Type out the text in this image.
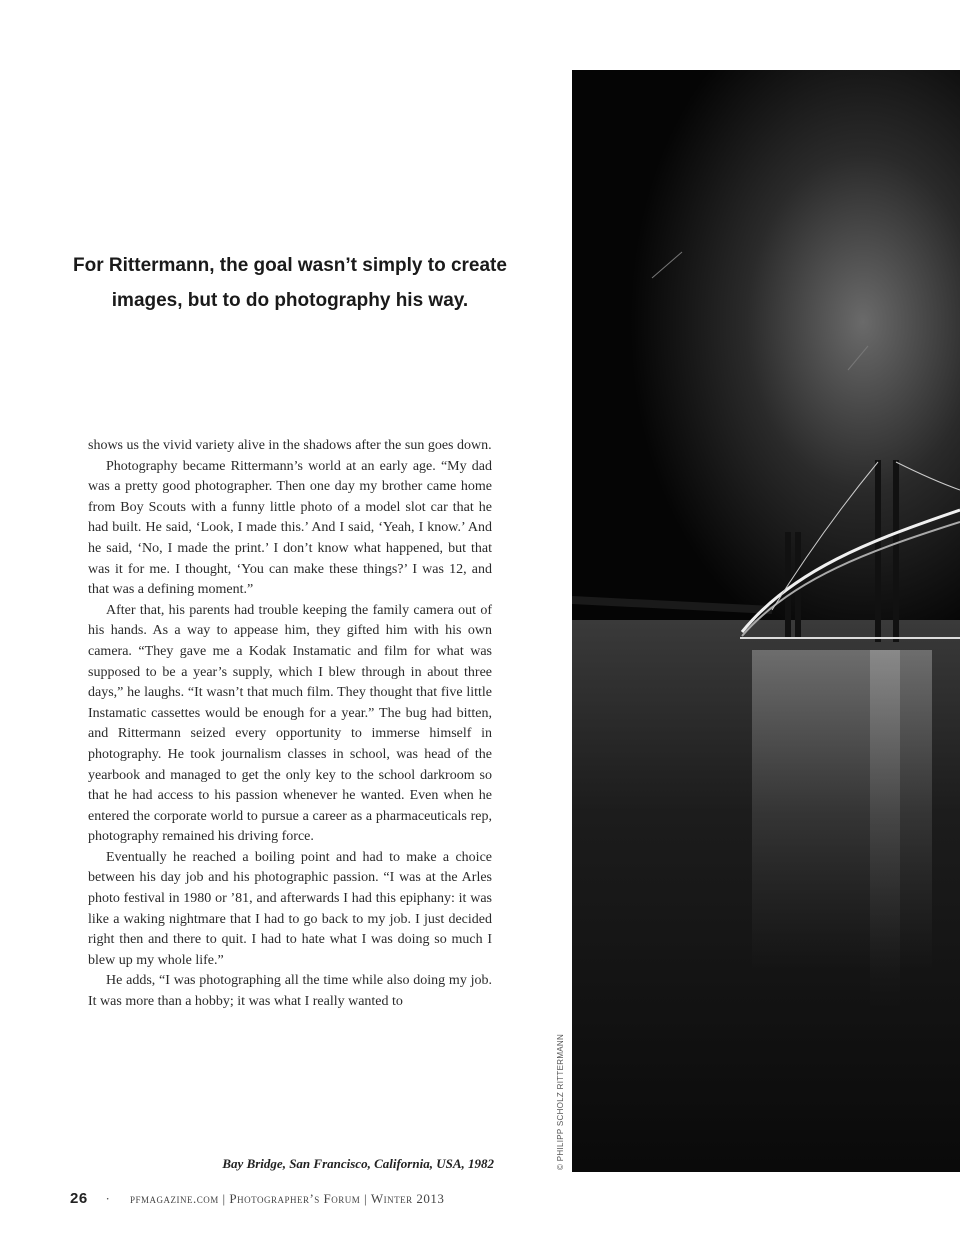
For Rittermann, the goal wasn’t simply to create
images, but to do photography his way.

shows us the vivid variety alive in the shadows after the sun goes down.

Photography became Rittermann’s world at an early age. “My dad was a pretty good photographer. Then one day my brother came home from Boy Scouts with a funny little photo of a model slot car that he had built. He said, ‘Look, I made this.’ And I said, ‘Yeah, I know.’ And he said, ‘No, I made the print.’ I don’t know what happened, but that was it for me. I thought, ‘You can make these things?’ I was 12, and that was a defining moment.”

After that, his parents had trouble keeping the family camera out of his hands. As a way to appease him, they gifted him with his own camera. “They gave me a Kodak Instamatic and film for what was supposed to be a year’s supply, which I blew through in about three days,” he laughs. “It wasn’t that much film. They thought that five little Instamatic cassettes would be enough for a year.” The bug had bitten, and Rittermann seized every opportunity to immerse himself in photography. He took journalism classes in school, was head of the yearbook and managed to get the only key to the school darkroom so that he had access to his passion whenever he wanted. Even when he entered the corporate world to pursue a career as a pharmaceuticals rep, photography remained his driving force.

Eventually he reached a boiling point and had to make a choice between his day job and his photographic passion. “I was at the Arles photo festival in 1980 or ’81, and afterwards I had this epiphany: it was like a waking nightmare that I had to go back to my job. I just decided right then and there to quit. I had to hate what I was doing so much I blew up my whole life.”

He adds, “I was photographing all the time while also doing my job. It was more than a hobby; it was what I really wanted to

© PHILIPP SCHOLZ RITTERMANN
Bay Bridge, San Francisco, California, USA, 1982
26 · pfmagazine.com | Photographer’s Forum | Winter 2013
